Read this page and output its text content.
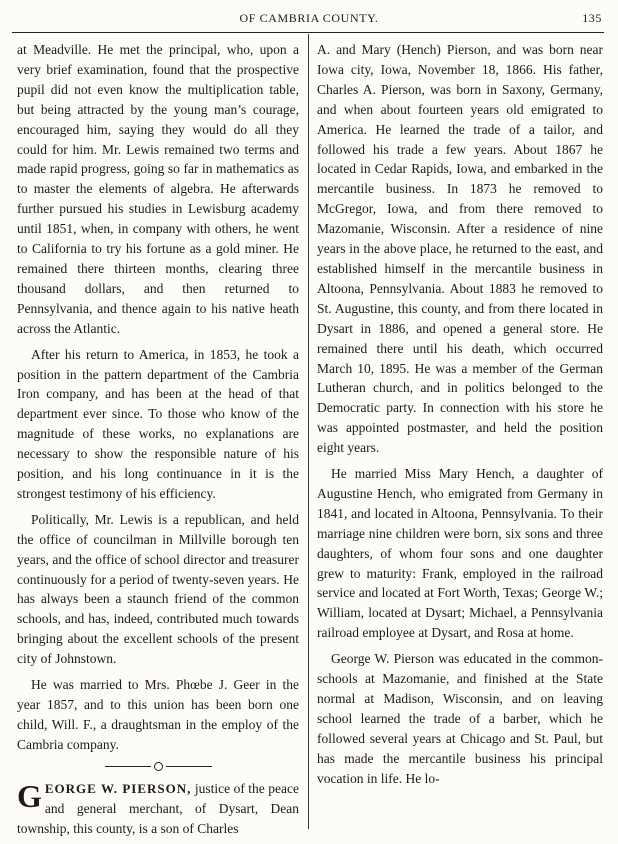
OF CAMBRIA COUNTY.	135

at Meadville. He met the principal, who, upon a very brief examination, found that the prospective pupil did not even know the multiplication table, but being attracted by the young man’s courage, encouraged him, saying they would do all they could for him. Mr. Lewis remained two terms and made rapid progress, going so far in mathematics as to master the elements of algebra. He afterwards further pursued his studies in Lewisburg academy until 1851, when, in company with others, he went to California to try his fortune as a gold miner. He remained there thirteen months, clearing three thousand dollars, and then returned to Pennsylvania, and thence again to his native heath across the Atlantic.

After his return to America, in 1853, he took a position in the pattern department of the Cambria Iron company, and has been at the head of that department ever since. To those who know of the magnitude of these works, no explanations are necessary to show the responsible nature of his position, and his long continuance in it is the strongest testimony of his efficiency.

Politically, Mr. Lewis is a republican, and held the office of councilman in Millville borough ten years, and the office of school director and treasurer continuously for a period of twenty-seven years. He has always been a staunch friend of the common schools, and has, indeed, contributed much towards bringing about the excellent schools of the present city of Johnstown.

He was married to Mrs. Phœbe J. Geer in the year 1857, and to this union has been born one child, Will. F., a draughtsman in the employ of the Cambria company.

GEORGE W. PIERSON, justice of the peace and general merchant, of Dysart, Dean township, this county, is a son of Charles

A. and Mary (Hench) Pierson, and was born near Iowa city, Iowa, November 18, 1866. His father, Charles A. Pierson, was born in Saxony, Germany, and when about fourteen years old emigrated to America. He learned the trade of a tailor, and followed his trade a few years. About 1867 he located in Cedar Rapids, Iowa, and embarked in the mercantile business. In 1873 he removed to McGregor, Iowa, and from there removed to Mazomanie, Wisconsin. After a residence of nine years in the above place, he returned to the east, and established himself in the mercantile business in Altoona, Pennsylvania. About 1883 he removed to St. Augustine, this county, and from there located in Dysart in 1886, and opened a general store. He remained there until his death, which occurred March 10, 1895. He was a member of the German Lutheran church, and in politics belonged to the Democratic party. In connection with his store he was appointed postmaster, and held the position eight years.

He married Miss Mary Hench, a daughter of Augustine Hench, who emigrated from Germany in 1841, and located in Altoona, Pennsylvania. To their marriage nine children were born, six sons and three daughters, of whom four sons and one daughter grew to maturity: Frank, employed in the railroad service and located at Fort Worth, Texas; George W.; William, located at Dysart; Michael, a Pennsylvania railroad employee at Dysart, and Rosa at home.

George W. Pierson was educated in the common-schools at Mazomanie, and finished at the State normal at Madison, Wisconsin, and on leaving school learned the trade of a barber, which he followed several years at Chicago and St. Paul, but has made the mercantile business his principal vocation in life. He lo-
